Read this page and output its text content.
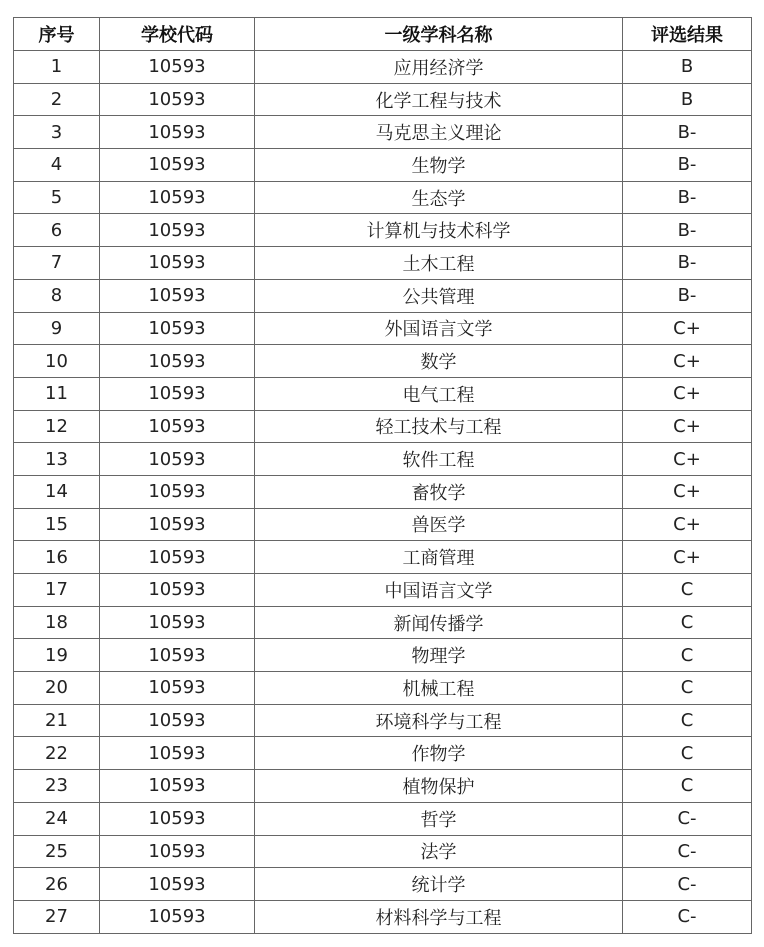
序号	学校代码	一级学科名称	评选结果
1	10593	应用经济学	B
2	10593	化学工程与技术	B
3	10593	马克思主义理论	B-
4	10593	生物学	B-
5	10593	生态学	B-
6	10593	计算机与技术科学	B-
7	10593	土木工程	B-
8	10593	公共管理	B-
9	10593	外国语言文学	C+
10	10593	数学	C+
11	10593	电气工程	C+
12	10593	轻工技术与工程	C+
13	10593	软件工程	C+
14	10593	畜牧学	C+
15	10593	兽医学	C+
16	10593	工商管理	C+
17	10593	中国语言文学	C
18	10593	新闻传播学	C
19	10593	物理学	C
20	10593	机械工程	C
21	10593	环境科学与工程	C
22	10593	作物学	C
23	10593	植物保护	C
24	10593	哲学	C-
25	10593	法学	C-
26	10593	统计学	C-
27	10593	材料科学与工程	C-
